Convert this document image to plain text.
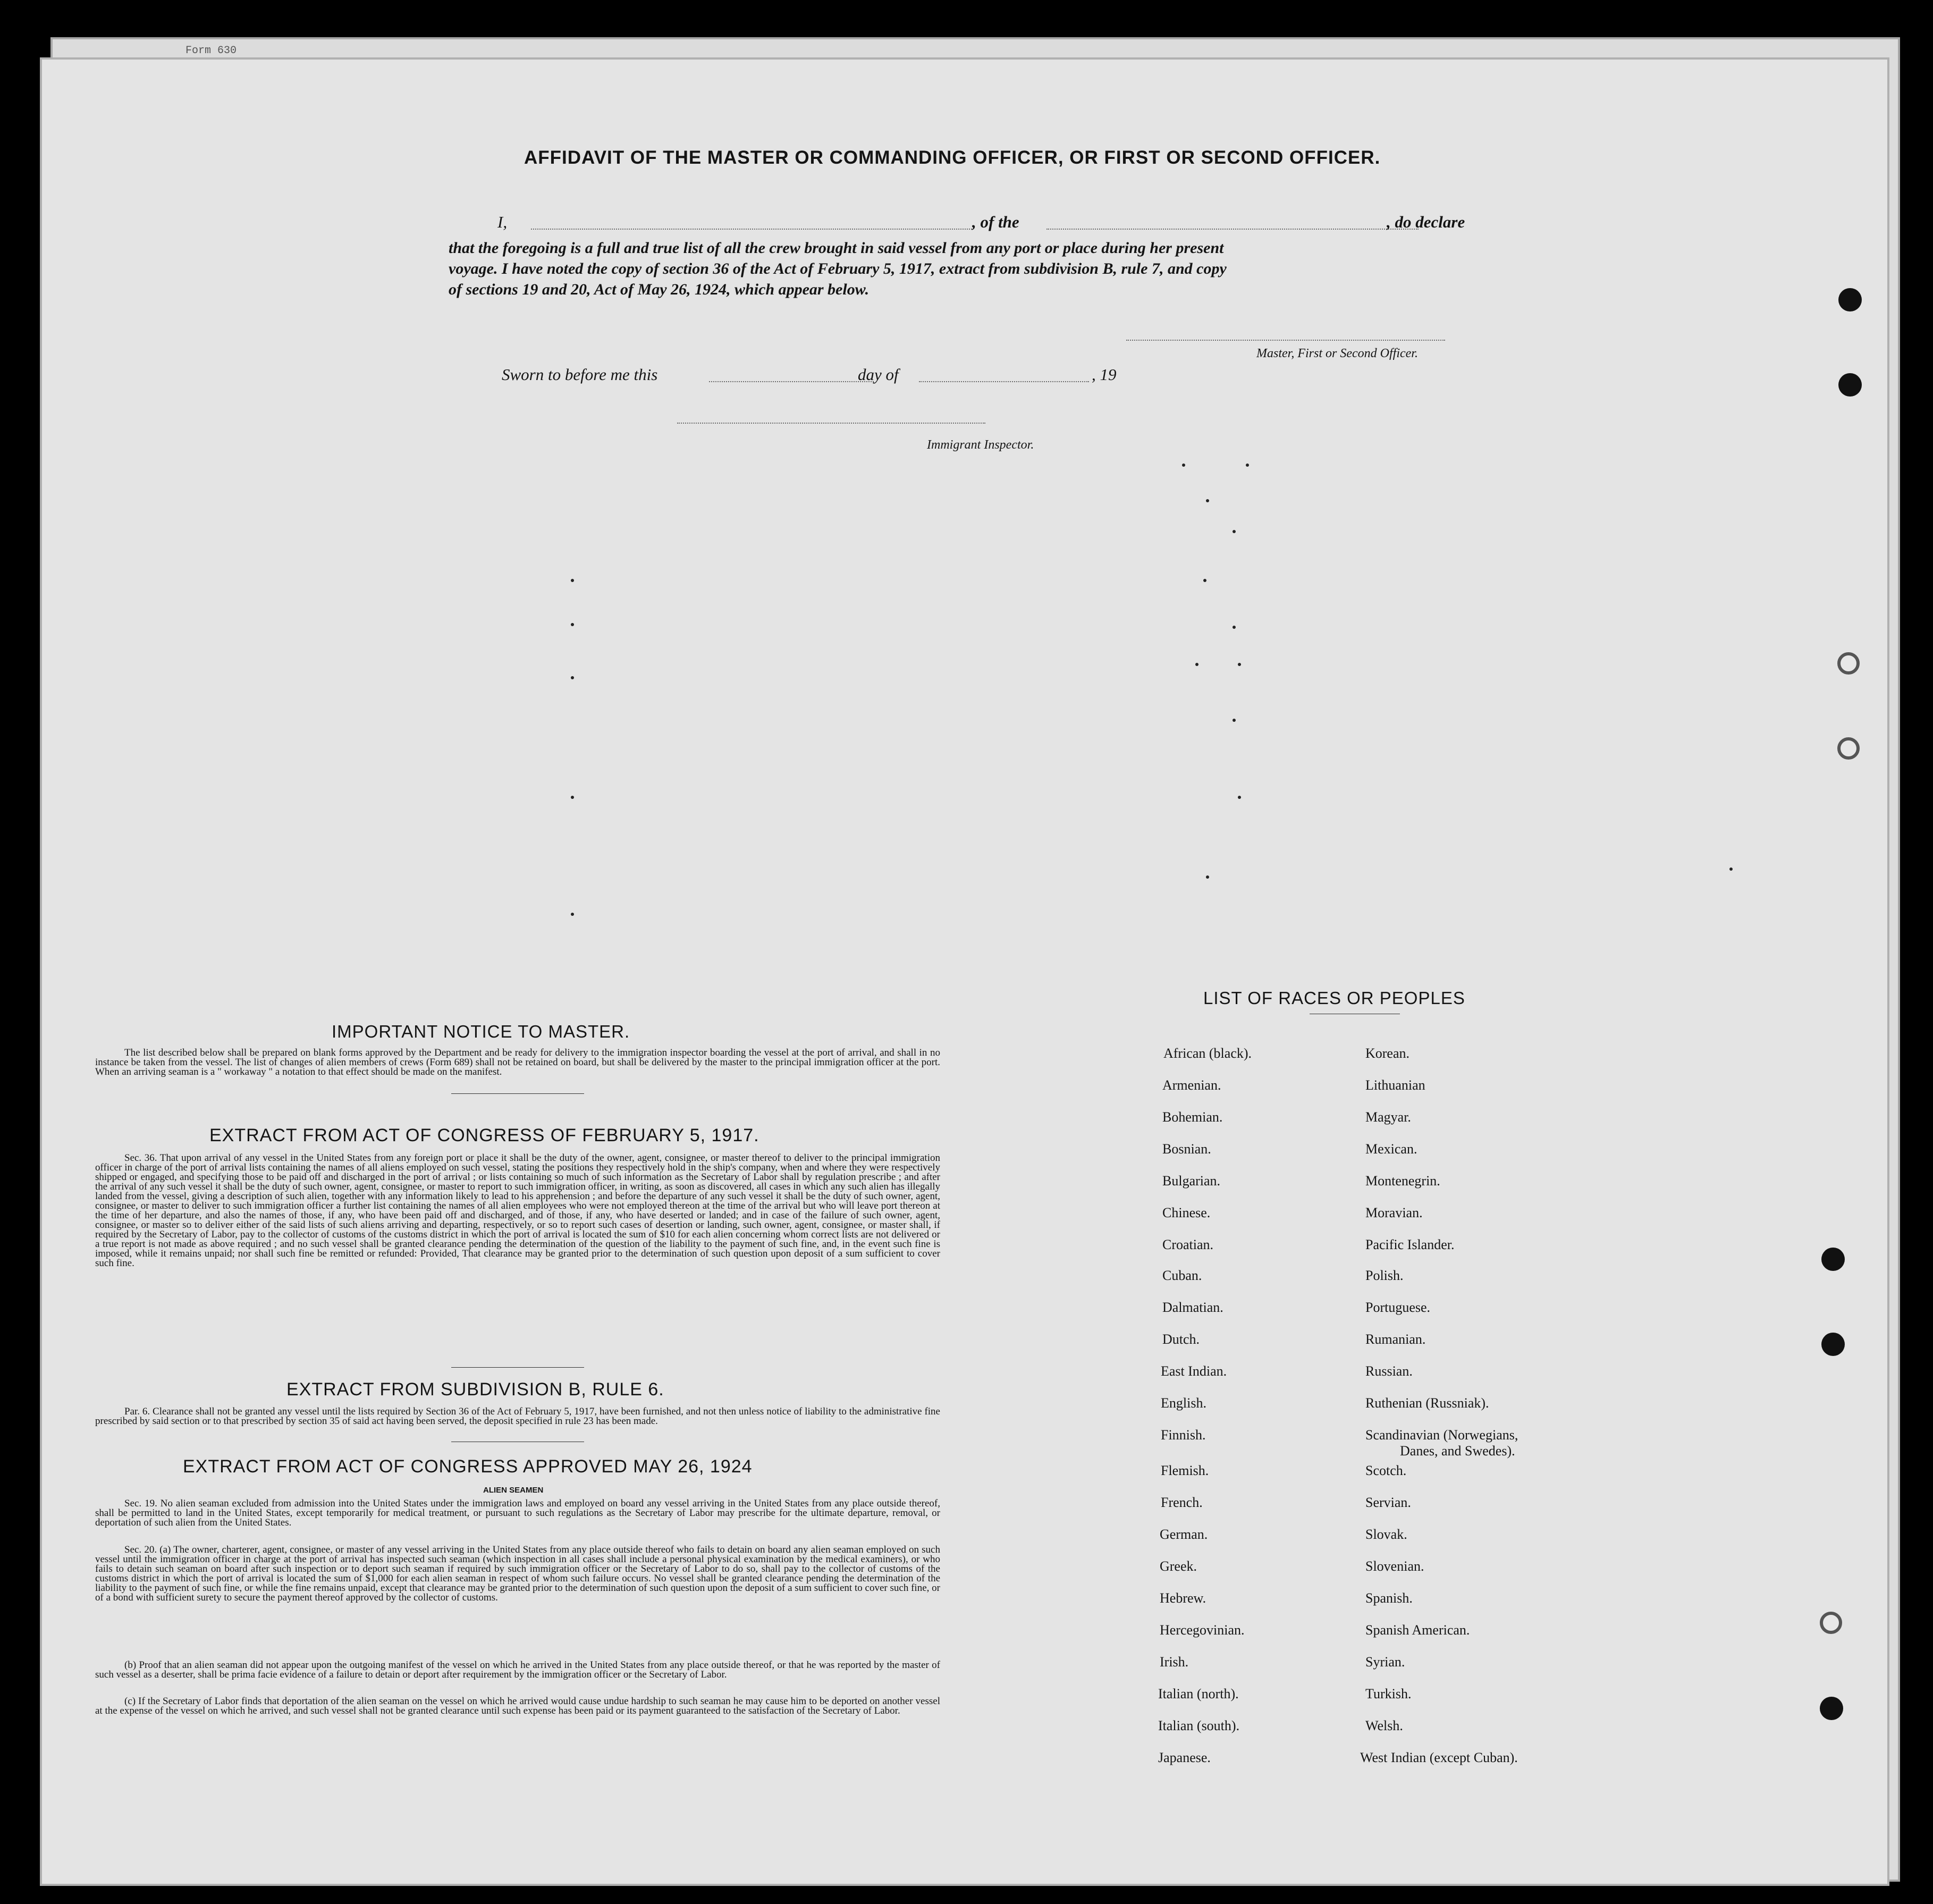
Form 630
AFFIDAVIT OF THE MASTER OR COMMANDING OFFICER, OR FIRST OR SECOND OFFICER.
I,	, of the	, do declare
that the foregoing is a full and true list of all the crew brought in said vessel from any port or place during her present
voyage. I have noted the copy of section 36 of the Act of February 5, 1917, extract from subdivision B, rule 7, and copy
of sections 19 and 20, Act of May 26, 1924, which appear below.
Master, First or Second Officer.
Sworn to before me this	day of	, 19
Immigrant Inspector.
IMPORTANT NOTICE TO MASTER.
The list described below shall be prepared on blank forms approved by the Department and be ready for delivery to the immigration inspector boarding the vessel at the port of arrival, and shall in no instance be taken from the vessel. The list of changes of alien members of crews (Form 689) shall not be retained on board, but shall be delivered by the master to the principal immigration officer at the port. When an arriving seaman is a " workaway " a notation to that effect should be made on the manifest.
EXTRACT FROM ACT OF CONGRESS OF FEBRUARY 5, 1917.
Sec. 36. That upon arrival of any vessel in the United States from any foreign port or place it shall be the duty of the owner, agent, consignee, or master thereof to deliver to the principal immigration officer in charge of the port of arrival lists containing the names of all aliens employed on such vessel, stating the positions they respectively hold in the ship's company, when and where they were respectively shipped or engaged, and specifying those to be paid off and discharged in the port of arrival ; or lists containing so much of such information as the Secretary of Labor shall by regulation prescribe ; and after the arrival of any such vessel it shall be the duty of such owner, agent, consignee, or master to report to such immigration officer, in writing, as soon as discovered, all cases in which any such alien has illegally landed from the vessel, giving a description of such alien, together with any information likely to lead to his apprehension ; and before the departure of any such vessel it shall be the duty of such owner, agent, consignee, or master to deliver to such immigration officer a further list containing the names of all alien employees who were not employed thereon at the time of the arrival but who will leave port thereon at the time of her departure, and also the names of those, if any, who have been paid off and discharged, and of those, if any, who have deserted or landed; and in case of the failure of such owner, agent, consignee, or master so to deliver either of the said lists of such aliens arriving and departing, respectively, or so to report such cases of desertion or landing, such owner, agent, consignee, or master shall, if required by the Secretary of Labor, pay to the collector of customs of the customs district in which the port of arrival is located the sum of $10 for each alien concerning whom correct lists are not delivered or a true report is not made as above required ; and no such vessel shall be granted clearance pending the determination of the question of the liability to the payment of such fine, and, in the event such fine is imposed, while it remains unpaid; nor shall such fine be remitted or refunded: Provided, That clearance may be granted prior to the determination of such question upon deposit of a sum sufficient to cover such fine.
EXTRACT FROM SUBDIVISION B, RULE 6.
Par. 6. Clearance shall not be granted any vessel until the lists required by Section 36 of the Act of February 5, 1917, have been furnished, and not then unless notice of liability to the administrative fine prescribed by said section or to that prescribed by section 35 of said act having been served, the deposit specified in rule 23 has been made.
EXTRACT FROM ACT OF CONGRESS APPROVED MAY 26, 1924
ALIEN SEAMEN
Sec. 19. No alien seaman excluded from admission into the United States under the immigration laws and employed on board any vessel arriving in the United States from any place outside thereof, shall be permitted to land in the United States, except temporarily for medical treatment, or pursuant to such regulations as the Secretary of Labor may prescribe for the ultimate departure, removal, or deportation of such alien from the United States.
Sec. 20. (a) The owner, charterer, agent, consignee, or master of any vessel arriving in the United States from any place outside thereof who fails to detain on board any alien seaman employed on such vessel until the immigration officer in charge at the port of arrival has inspected such seaman (which inspection in all cases shall include a personal physical examination by the medical examiners), or who fails to detain such seaman on board after such inspection or to deport such seaman if required by such immigration officer or the Secretary of Labor to do so, shall pay to the collector of customs of the customs district in which the port of arrival is located the sum of $1,000 for each alien seaman in respect of whom such failure occurs. No vessel shall be granted clearance pending the determination of the liability to the payment of such fine, or while the fine remains unpaid, except that clearance may be granted prior to the determination of such question upon the deposit of a sum sufficient to cover such fine, or of a bond with sufficient surety to secure the payment thereof approved by the collector of customs.
(b) Proof that an alien seaman did not appear upon the outgoing manifest of the vessel on which he arrived in the United States from any place outside thereof, or that he was reported by the master of such vessel as a deserter, shall be prima facie evidence of a failure to detain or deport after requirement by the immigration officer or the Secretary of Labor.
(c) If the Secretary of Labor finds that deportation of the alien seaman on the vessel on which he arrived would cause undue hardship to such seaman he may cause him to be deported on another vessel at the expense of the vessel on which he arrived, and such vessel shall not be granted clearance until such expense has been paid or its payment guaranteed to the satisfaction of the Secretary of Labor.
LIST OF RACES OR PEOPLES
African (black).
Armenian.
Bohemian.
Bosnian.
Bulgarian.
Chinese.
Croatian.
Cuban.
Dalmatian.
Dutch.
East Indian.
English.
Finnish.
Flemish.
French.
German.
Greek.
Hebrew.
Hercegovinian.
Irish.
Italian (north).
Italian (south).
Japanese.
Korean.
Lithuanian
Magyar.
Mexican.
Montenegrin.
Moravian.
Pacific Islander.
Polish.
Portuguese.
Rumanian.
Russian.
Ruthenian (Russniak).
Scandinavian (Norwegians,
Danes, and Swedes).
Scotch.
Servian.
Slovak.
Slovenian.
Spanish.
Spanish American.
Syrian.
Turkish.
Welsh.
West Indian (except Cuban).
